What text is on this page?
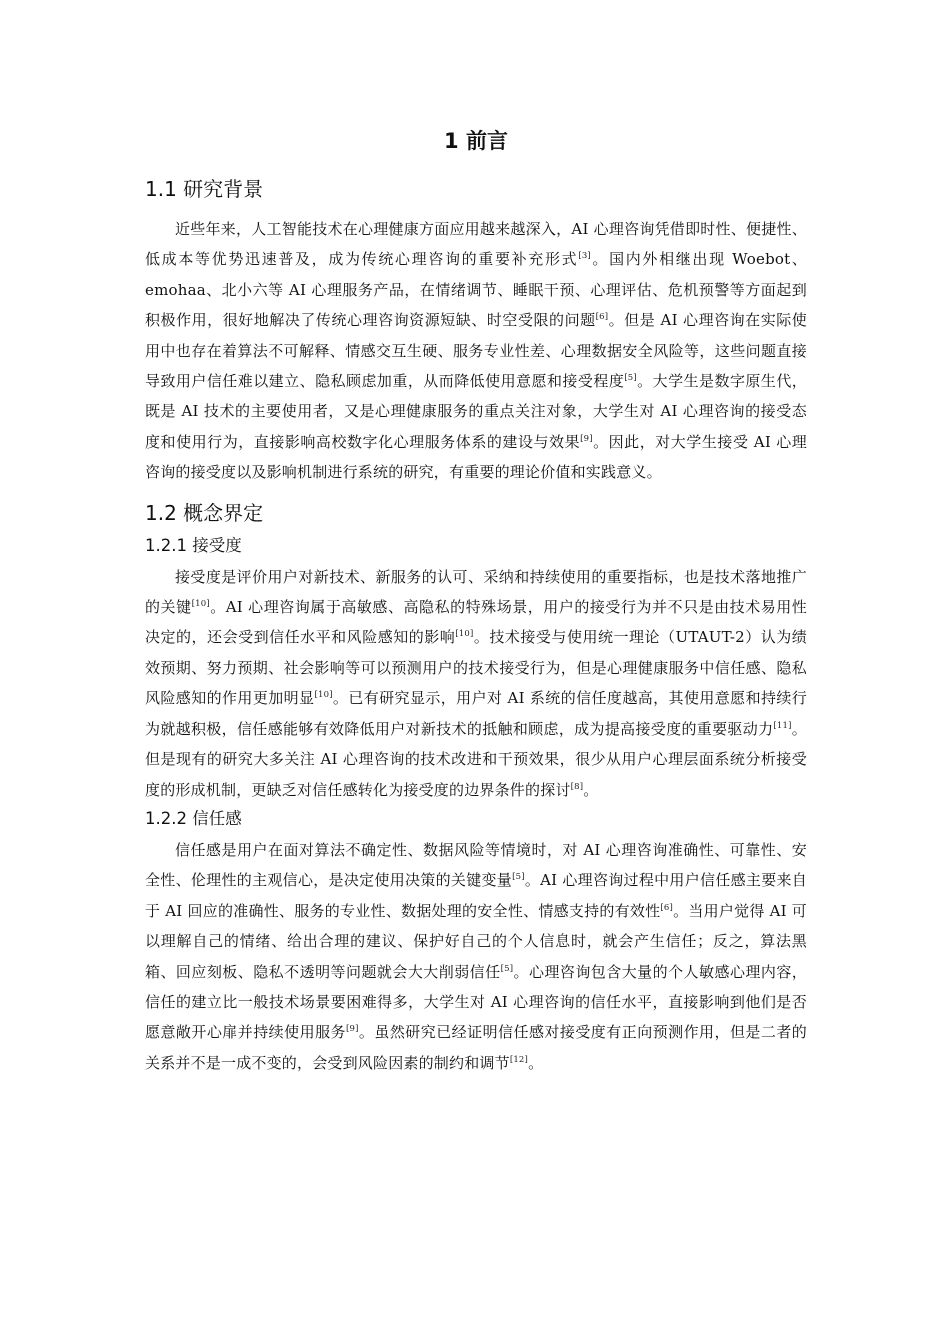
1 前言
1.1 研究背景

近些年来，人工智能技术在心理健康方面应用越来越深入，AI 心理咨询凭借即时性、便捷性、低成本等优势迅速普及，成为传统心理咨询的重要补充形式[3]。国内外相继出现 Woebot、emohaa、北小六等 AI 心理服务产品，在情绪调节、睡眠干预、心理评估、危机预警等方面起到积极作用，很好地解决了传统心理咨询资源短缺、时空受限的问题[6]。但是 AI 心理咨询在实际使用中也存在着算法不可解释、情感交互生硬、服务专业性差、心理数据安全风险等，这些问题直接导致用户信任难以建立、隐私顾虑加重，从而降低使用意愿和接受程度[5]。大学生是数字原生代，既是 AI 技术的主要使用者，又是心理健康服务的重点关注对象，大学生对 AI 心理咨询的接受态度和使用行为，直接影响高校数字化心理服务体系的建设与效果[9]。因此，对大学生接受 AI 心理咨询的接受度以及影响机制进行系统的研究，有重要的理论价值和实践意义。

1.2 概念界定
1.2.1 接受度

接受度是评价用户对新技术、新服务的认可、采纳和持续使用的重要指标，也是技术落地推广的关键[10]。AI 心理咨询属于高敏感、高隐私的特殊场景，用户的接受行为并不只是由技术易用性决定的，还会受到信任水平和风险感知的影响[10]。技术接受与使用统一理论（UTAUT-2）认为绩效预期、努力预期、社会影响等可以预测用户的技术接受行为，但是心理健康服务中信任感、隐私风险感知的作用更加明显[10]。已有研究显示，用户对 AI 系统的信任度越高，其使用意愿和持续行为就越积极，信任感能够有效降低用户对新技术的抵触和顾虑，成为提高接受度的重要驱动力[11]。但是现有的研究大多关注 AI 心理咨询的技术改进和干预效果，很少从用户心理层面系统分析接受度的形成机制，更缺乏对信任感转化为接受度的边界条件的探讨[8]。

1.2.2 信任感

信任感是用户在面对算法不确定性、数据风险等情境时，对 AI 心理咨询准确性、可靠性、安全性、伦理性的主观信心，是决定使用决策的关键变量[5]。AI 心理咨询过程中用户信任感主要来自于 AI 回应的准确性、服务的专业性、数据处理的安全性、情感支持的有效性[6]。当用户觉得 AI 可以理解自己的情绪、给出合理的建议、保护好自己的个人信息时，就会产生信任；反之，算法黑箱、回应刻板、隐私不透明等问题就会大大削弱信任[5]。心理咨询包含大量的个人敏感心理内容，信任的建立比一般技术场景要困难得多，大学生对 AI 心理咨询的信任水平，直接影响到他们是否愿意敞开心扉并持续使用服务[9]。虽然研究已经证明信任感对接受度有正向预测作用，但是二者的关系并不是一成不变的，会受到风险因素的制约和调节[12]。
